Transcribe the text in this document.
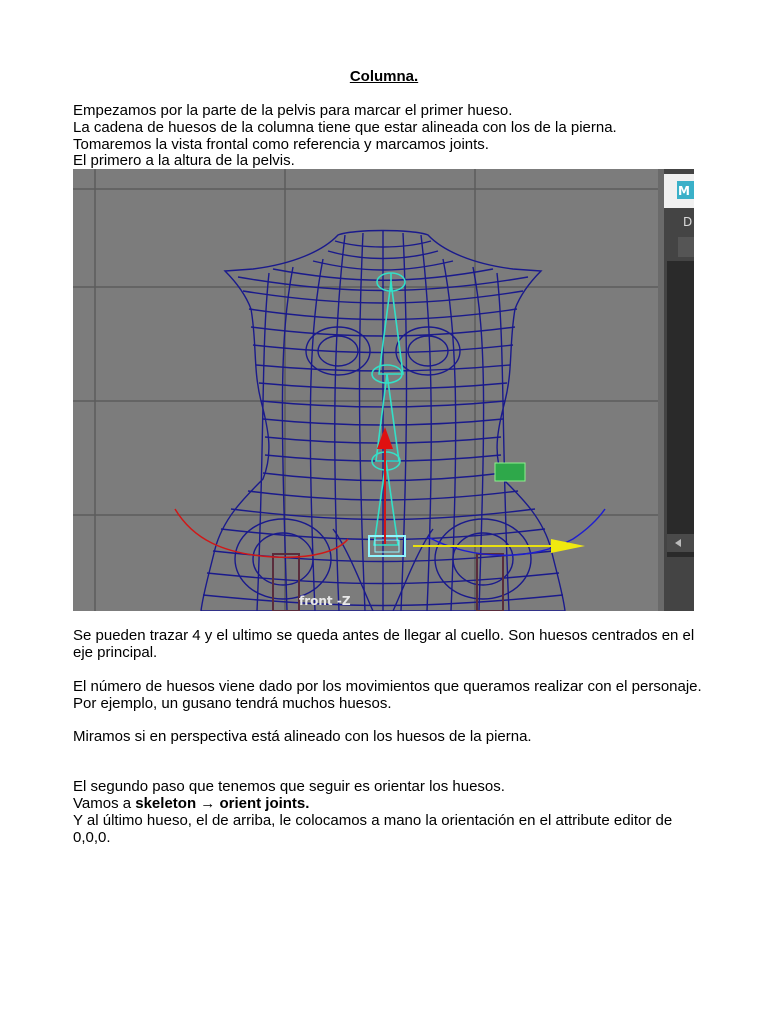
Columna.
Empezamos por la parte de la pelvis para marcar el primer hueso.
La cadena de huesos de la columna tiene que estar alineada con los de la pierna.
Tomaremos la vista frontal como referencia y marcamos joints.
El primero a la altura de la pelvis.
front -Z
M
D
Se pueden trazar 4 y el ultimo se queda antes de llegar al cuello. Son huesos centrados en el eje principal.
El número de huesos viene dado por los movimientos que queramos realizar con el personaje. Por ejemplo, un gusano tendrá muchos huesos.
Miramos si en perspectiva está alineado con los huesos de la pierna.
El segundo paso que tenemos que seguir es orientar los huesos.
Vamos a skeleton → orient joints.
Y al último hueso, el de arriba, le colocamos a mano la orientación en el attribute editor de 0,0,0.
